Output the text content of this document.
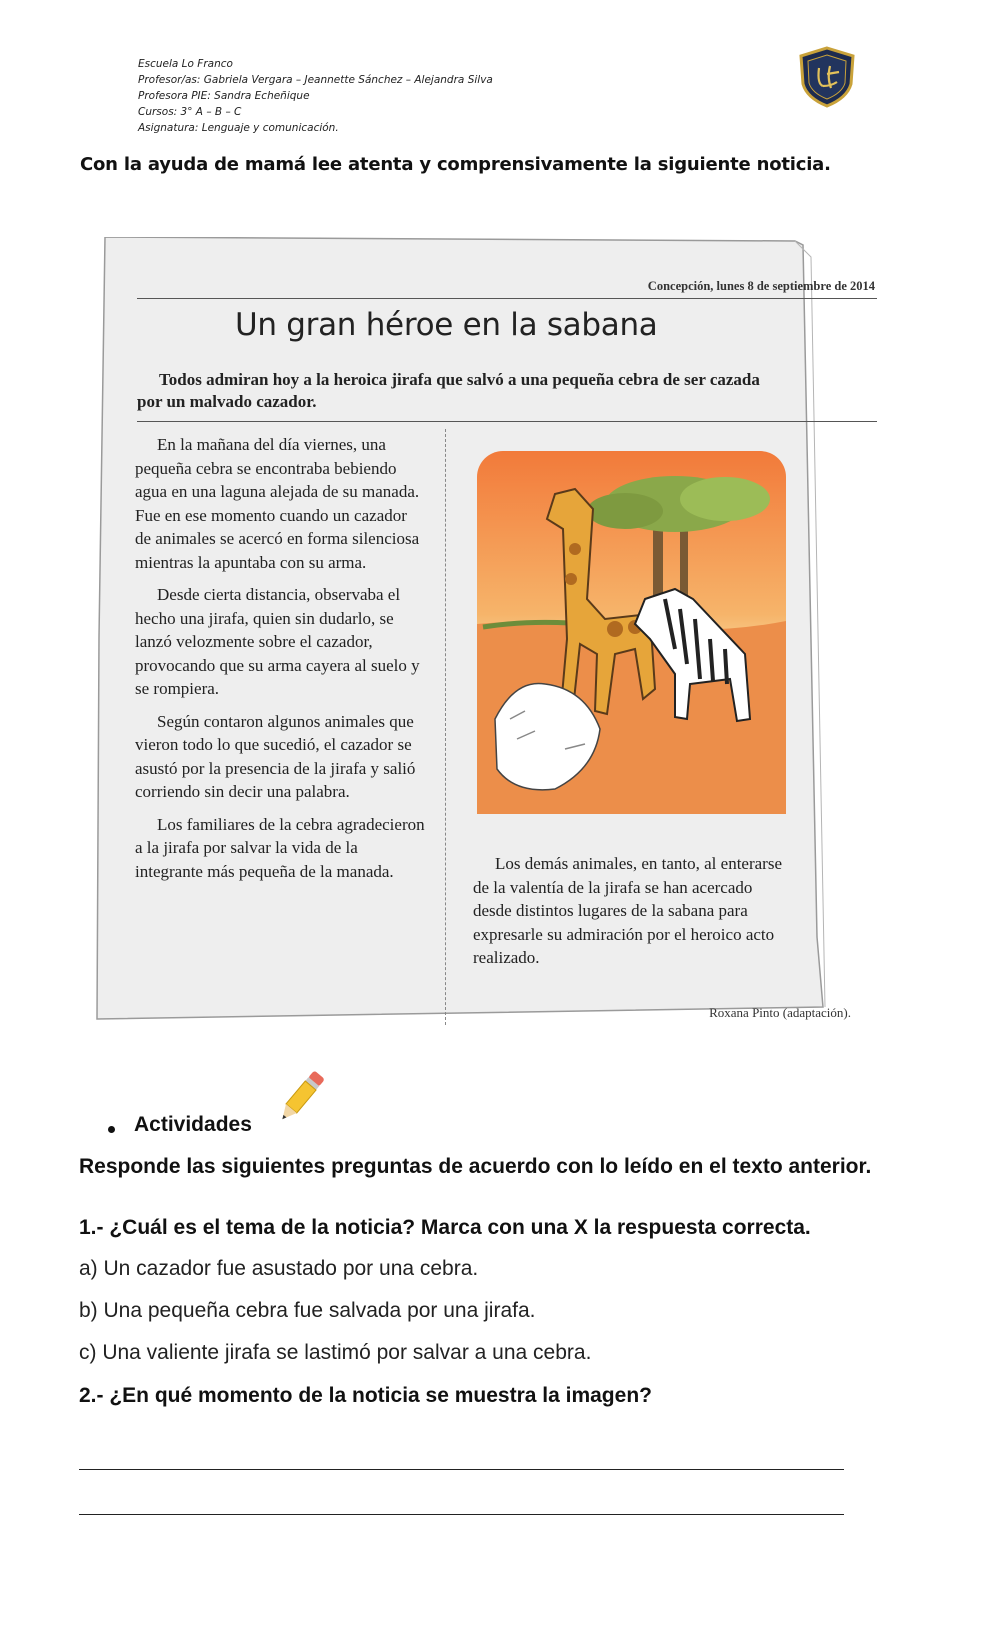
Escuela Lo Franco
Profesor/as: Gabriela Vergara – Jeannette Sánchez – Alejandra Silva
Profesora PIE: Sandra Echeñique
Cursos: 3° A – B – C
Asignatura: Lenguaje y comunicación.
Con la ayuda de mamá lee atenta y comprensivamente la siguiente noticia.
Concepción, lunes 8 de septiembre de 2014
Un gran héroe en la sabana
Todos admiran hoy a la heroica jirafa que salvó a una pequeña cebra de ser cazada por un malvado cazador.

En la mañana del día viernes, una pequeña cebra se encontraba bebiendo agua en una laguna alejada de su manada. Fue en ese momento cuando un cazador de animales se acercó en forma silenciosa mientras la apuntaba con su arma.

Desde cierta distancia, observaba el hecho una jirafa, quien sin dudarlo, se lanzó velozmente sobre el cazador, provocando que su arma cayera al suelo y se rompiera.

Según contaron algunos animales que vieron todo lo que sucedió, el cazador se asustó por la presencia de la jirafa y salió corriendo sin decir una palabra.

Los familiares de la cebra agradecieron a la jirafa por salvar la vida de la integrante más pequeña de la manada.	Los demás animales, en tanto, al enterarse de la valentía de la jirafa se han acercado desde distintos lugares de la sabana para expresarle su admiración por el heroico acto realizado.

Roxana Pinto (adaptación).
Actividades
Responde las siguientes preguntas de acuerdo con lo leído en el texto anterior.
1.- ¿Cuál es el tema de la noticia? Marca con una X la respuesta correcta.
a) Un cazador fue asustado por una cebra.
b) Una pequeña cebra fue salvada por una jirafa.
c) Una valiente jirafa se lastimó por salvar a una cebra.
2.- ¿En qué momento de la noticia se muestra la imagen?
